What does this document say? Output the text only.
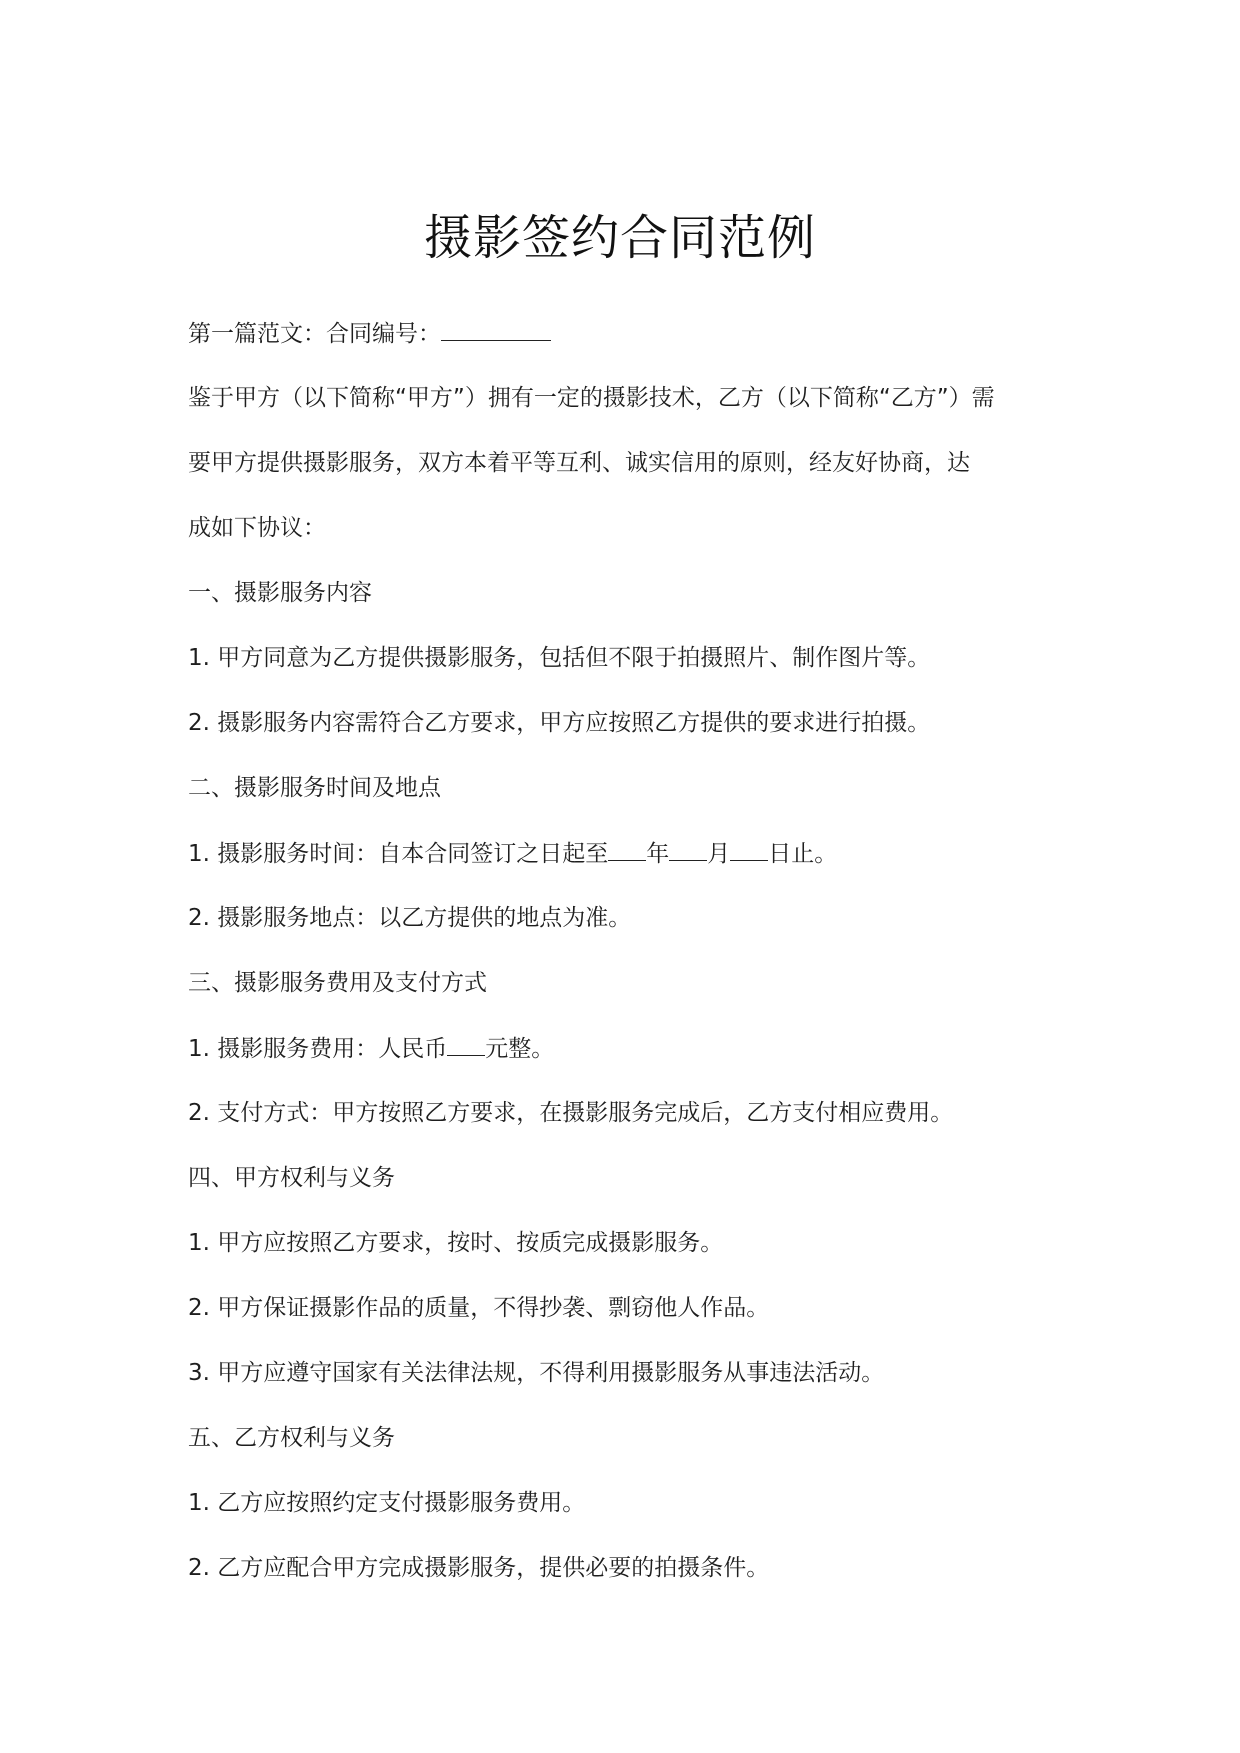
摄影签约合同范例
第一篇范文：合同编号：
鉴于甲方（以下简称“甲方”）拥有一定的摄影技术，乙方（以下简称“乙方”）需
要甲方提供摄影服务，双方本着平等互利、诚实信用的原则，经友好协商，达
成如下协议：
一、摄影服务内容
1. 甲方同意为乙方提供摄影服务，包括但不限于拍摄照片、制作图片等。
2. 摄影服务内容需符合乙方要求，甲方应按照乙方提供的要求进行拍摄。
二、摄影服务时间及地点
1. 摄影服务时间：自本合同签订之日起至 年 月 日止。
2. 摄影服务地点：以乙方提供的地点为准。
三、摄影服务费用及支付方式
1. 摄影服务费用：人民币 元整。
2. 支付方式：甲方按照乙方要求，在摄影服务完成后，乙方支付相应费用。
四、甲方权利与义务
1. 甲方应按照乙方要求，按时、按质完成摄影服务。
2. 甲方保证摄影作品的质量，不得抄袭、剽窃他人作品。
3. 甲方应遵守国家有关法律法规，不得利用摄影服务从事违法活动。
五、乙方权利与义务
1. 乙方应按照约定支付摄影服务费用。
2. 乙方应配合甲方完成摄影服务，提供必要的拍摄条件。
